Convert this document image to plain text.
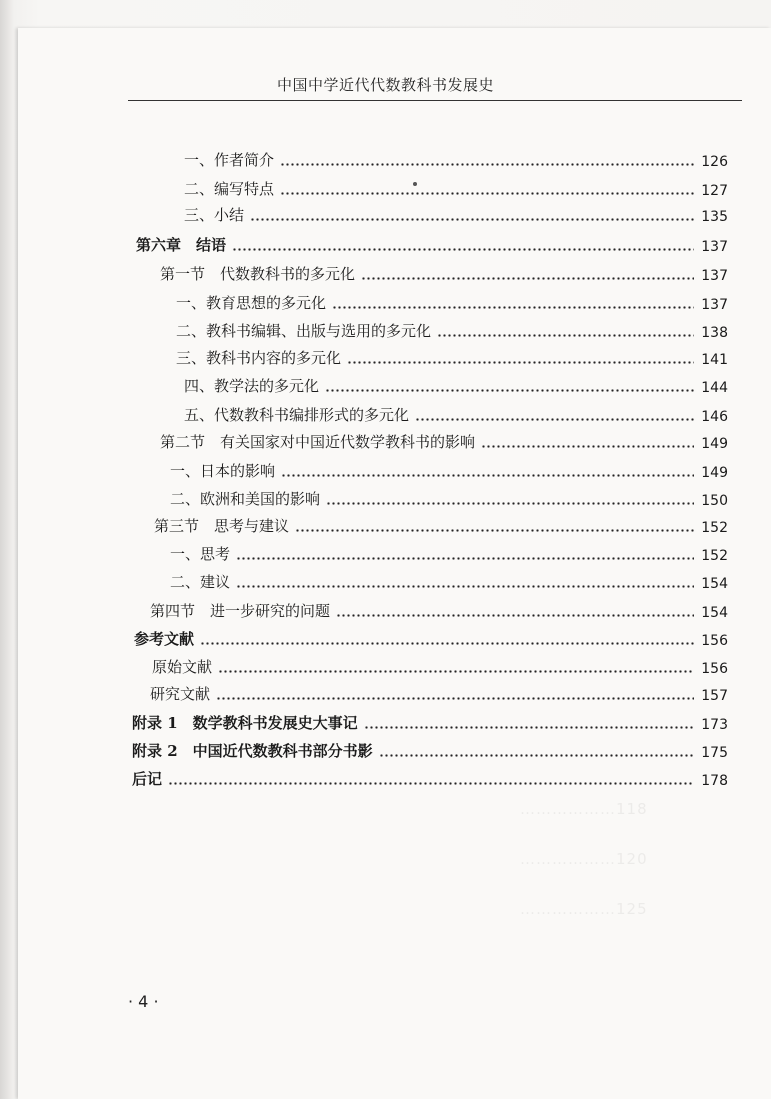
………………118
………………120
………………125
中国中学近代代数教科书发展史
一、作者简介	126
二、编写特点	127
三、小结	135
第六章　结语	137
第一节　代数教科书的多元化	137
一、教育思想的多元化	137
二、教科书编辑、出版与选用的多元化	138
三、教科书内容的多元化	141
四、教学法的多元化	144
五、代数教科书编排形式的多元化	146
第二节　有关国家对中国近代数学教科书的影响	149
一、日本的影响	149
二、欧洲和美国的影响	150
第三节　思考与建议	152
一、思考	152
二、建议	154
第四节　进一步研究的问题	154
参考文献	156
原始文献	156
研究文献	157
附录 1　数学教科书发展史大事记	173
附录 2　中国近代数教科书部分书影	175
后记	178
· 4 ·
